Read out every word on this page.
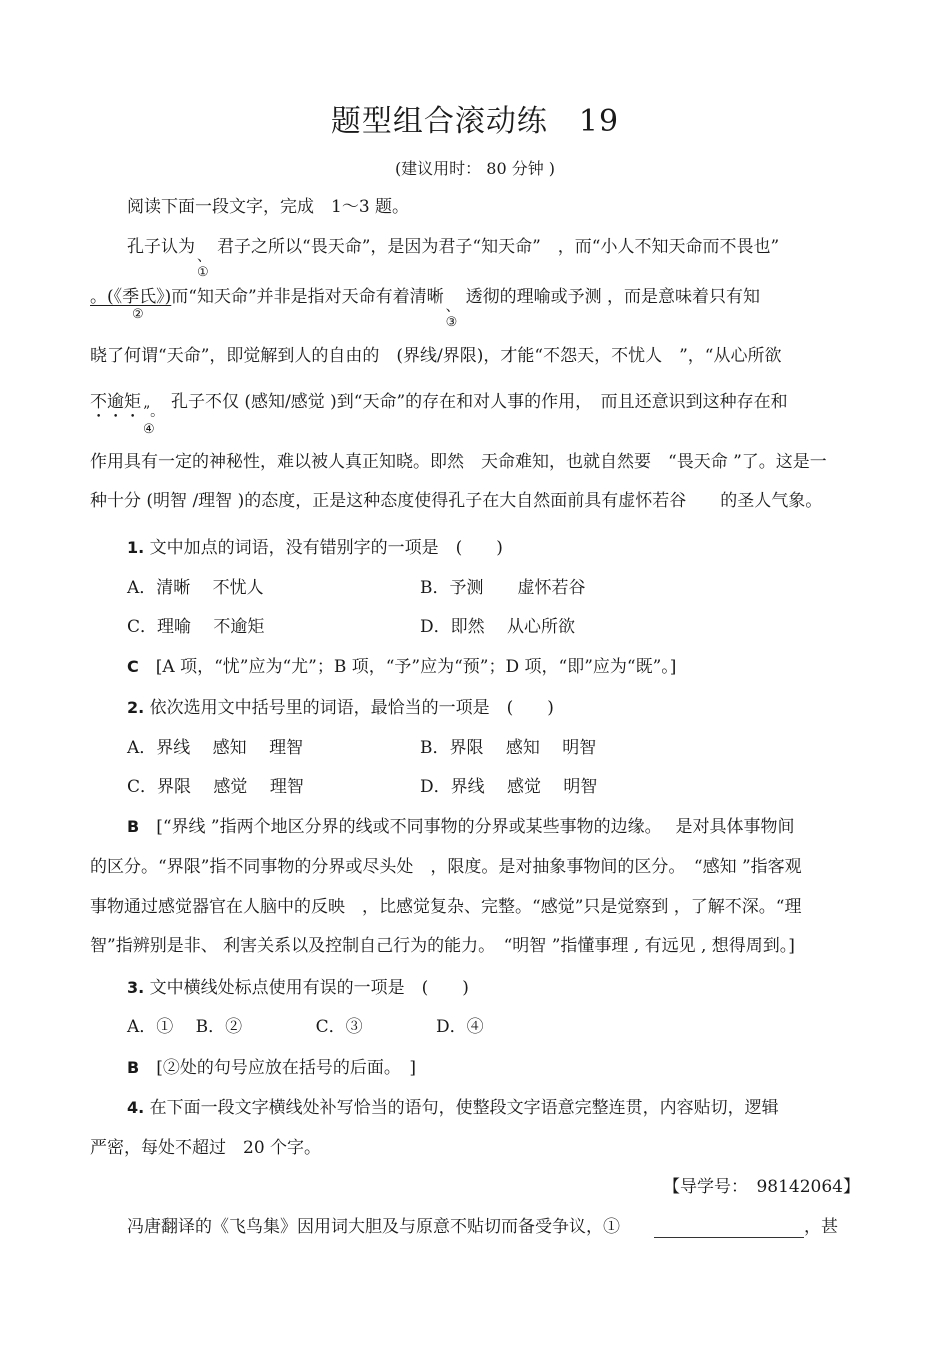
题型组合滚动练　19
(建议用时： 80 分钟 )
阅读下面一段文字，完成　1～3 题。
孔子认为 、
①
君子之所以“畏天命”，是因为君子“知天命”　，而“小人不知天命而不畏也”
。(《季氏》)
②
而“知天命”并非是指对天命有着清晰 、
③
透彻的理喻或予测 ，而是意味着只有知
晓了何谓“天命”，即觉解到人的自由的　(界线/界限)，才能“不怨天，不忧人　”，“从心所欲
不逾矩 ”。
④
孔子不仅 (感知/感觉 )到“天命”的存在和对人事的作用，　而且还意识到这种存在和
作用具有一定的神秘性，难以被人真正知晓。即然　天命难知，也就自然要　“畏天命 ”了。这是一
种十分 (明智 /理智 )的态度，正是这种态度使得孔子在大自然面前具有虚怀若谷　　的圣人气象。
1. 文中加点的词语，没有错别字的一项是　(　　)
A．清晰　 不忧人	B．予测　　虚怀若谷
C．理喻　 不逾矩	D．即然　 从心所欲
C　 [A 项，“忧”应为“尤”；B 项，“予”应为“预”；D 项，“即”应为“既”。]
2. 依次选用文中括号里的词语，最恰当的一项是　(　　)
A．界线　 感知　 理智	B．界限　 感知　 明智
C．界限　 感觉　 理智	D．界线　 感觉　 明智
B　 [“界线 ”指两个地区分界的线或不同事物的分界或某些事物的边缘。　 是对具体事物间
的区分。“界限”指不同事物的分界或尽头处　，限度。是对抽象事物间的区分。　“感知 ”指客观
事物通过感觉器官在人脑中的反映　，比感觉复杂、完整。“感觉”只是觉察到 ，了解不深。“理
智”指辨别是非、 利害关系以及控制自己行为的能力。　“明智 ”指懂事理 , 有远见 , 想得周到。]
3. 文中横线处标点使用有误的一项是　(　　)
A．①　 B．②　　　　 C．③　　　　 D．④
B　 [②处的句号应放在括号的后面。　]
4. 在下面一段文字横线处补写恰当的语句，使整段文字语意完整连贯，内容贴切，逻辑
严密，每处不超过　20 个字。
【导学号：　98142064】
冯唐翻译的《飞鸟集》因用词大胆及与原意不贴切而备受争议，①　　	，甚
